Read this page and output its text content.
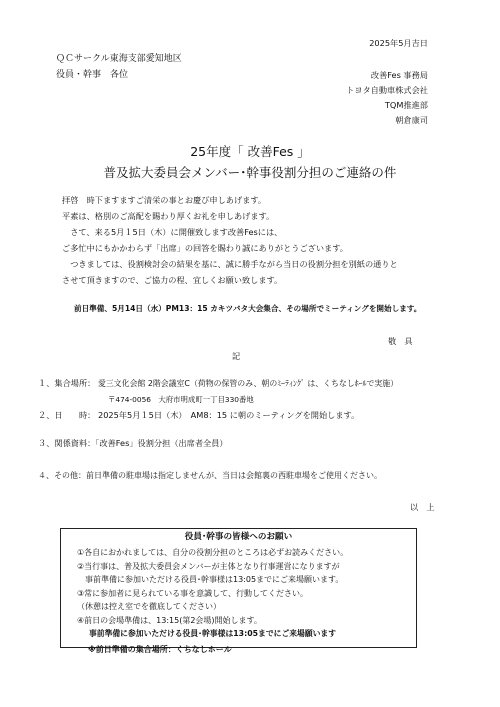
2025年5月吉日
ＱＣサークル東海支部愛知地区
役員・幹事　各位	改善Fes 事務局
トヨタ自動車株式会社
TQM推進部
朝倉康司
25年度「 改善Fes 」
普及拡大委員会メンバー･幹事役割分担のご連絡の件
拝啓　時下ますますご清栄の事とお慶び申しあげます。
平素は、格別のご高配を賜わり厚くお礼を申しあげます。
　さて、来る5月１5日（木）に開催致します改善Fesには、
ご多忙中にもかかわらず「出席」の回答を賜わり誠にありがとうございます。
　つきましては、役割検討会の結果を基に、誠に勝手ながら当日の役割分担を別紙の通りと
させて頂きますので、ご協力の程、宜しくお願い致します。
前日準備、5月14日（水）PM13：15 カキツバタ大会集合、その場所でミーティングを開始します。
敬　具
記
１、集合場所： 愛三文化会館 2階会議室C（荷物の保管のみ、朝のﾐｰﾃｨﾝｸﾞ は、くちなしﾎｰﾙで実施）
〒474-0056　大府市明成町一丁目330番地
２、日　　時： 2025年5月１5日（木）　AM8：15 に朝のミーティングを開始します。
３、関係資料：「改善Fes」役割分担（出席者全員）
４、その他：前日準備の駐車場は指定しませんが、当日は会館裏の西駐車場をご使用ください。
以　上
役員･幹事の皆様へのお願い
①各自におかれましては、自分の役割分担のところは必ずお読みください。
②当行事は、普及拡大委員会メンバーが主体となり行事運営になりますが
　事前準備に参加いただける役員･幹事様は13:05までにご来場願います。
③常に参加者に見られている事を意識して、行動してください。
（休憩は控え室でを徹底してください）
④前日の会場準備は、13:15(第2会場)開始します。
事前準備に参加いただける役員･幹事様は13:05までにご来場願います
※前日準備の集合場所：くちなしホール
